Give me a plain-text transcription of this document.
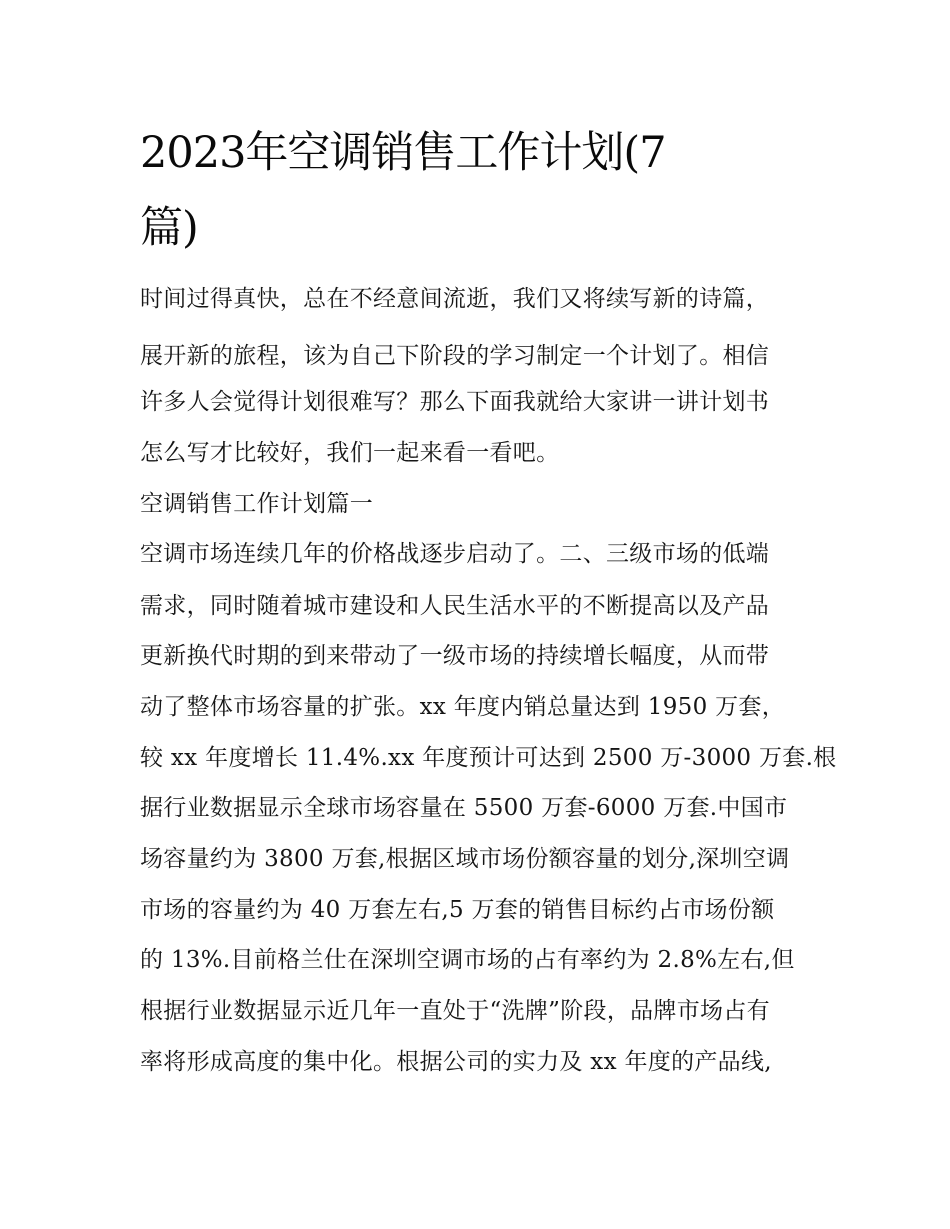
2023年空调销售工作计划(7
篇)
时间过得真快，总在不经意间流逝，我们又将续写新的诗篇，
展开新的旅程，该为自己下阶段的学习制定一个计划了。相信
许多人会觉得计划很难写？那么下面我就给大家讲一讲计划书
怎么写才比较好，我们一起来看一看吧。
空调销售工作计划篇一
空调市场连续几年的价格战逐步启动了。二、三级市场的低端
需求，同时随着城市建设和人民生活水平的不断提高以及产品
更新换代时期的到来带动了一级市场的持续增长幅度，从而带
动了整体市场容量的扩张。xx 年度内销总量达到 1950 万套，
较 xx 年度增长 11.4%.xx 年度预计可达到 2500 万-3000 万套.根
据行业数据显示全球市场容量在 5500 万套-6000 万套.中国市
场容量约为 3800 万套,根据区域市场份额容量的划分,深圳空调
市场的容量约为 40 万套左右,5 万套的销售目标约占市场份额
的 13%.目前格兰仕在深圳空调市场的占有率约为 2.8%左右,但
根据行业数据显示近几年一直处于“洗牌”阶段，品牌市场占有
率将形成高度的集中化。根据公司的实力及 xx 年度的产品线,
